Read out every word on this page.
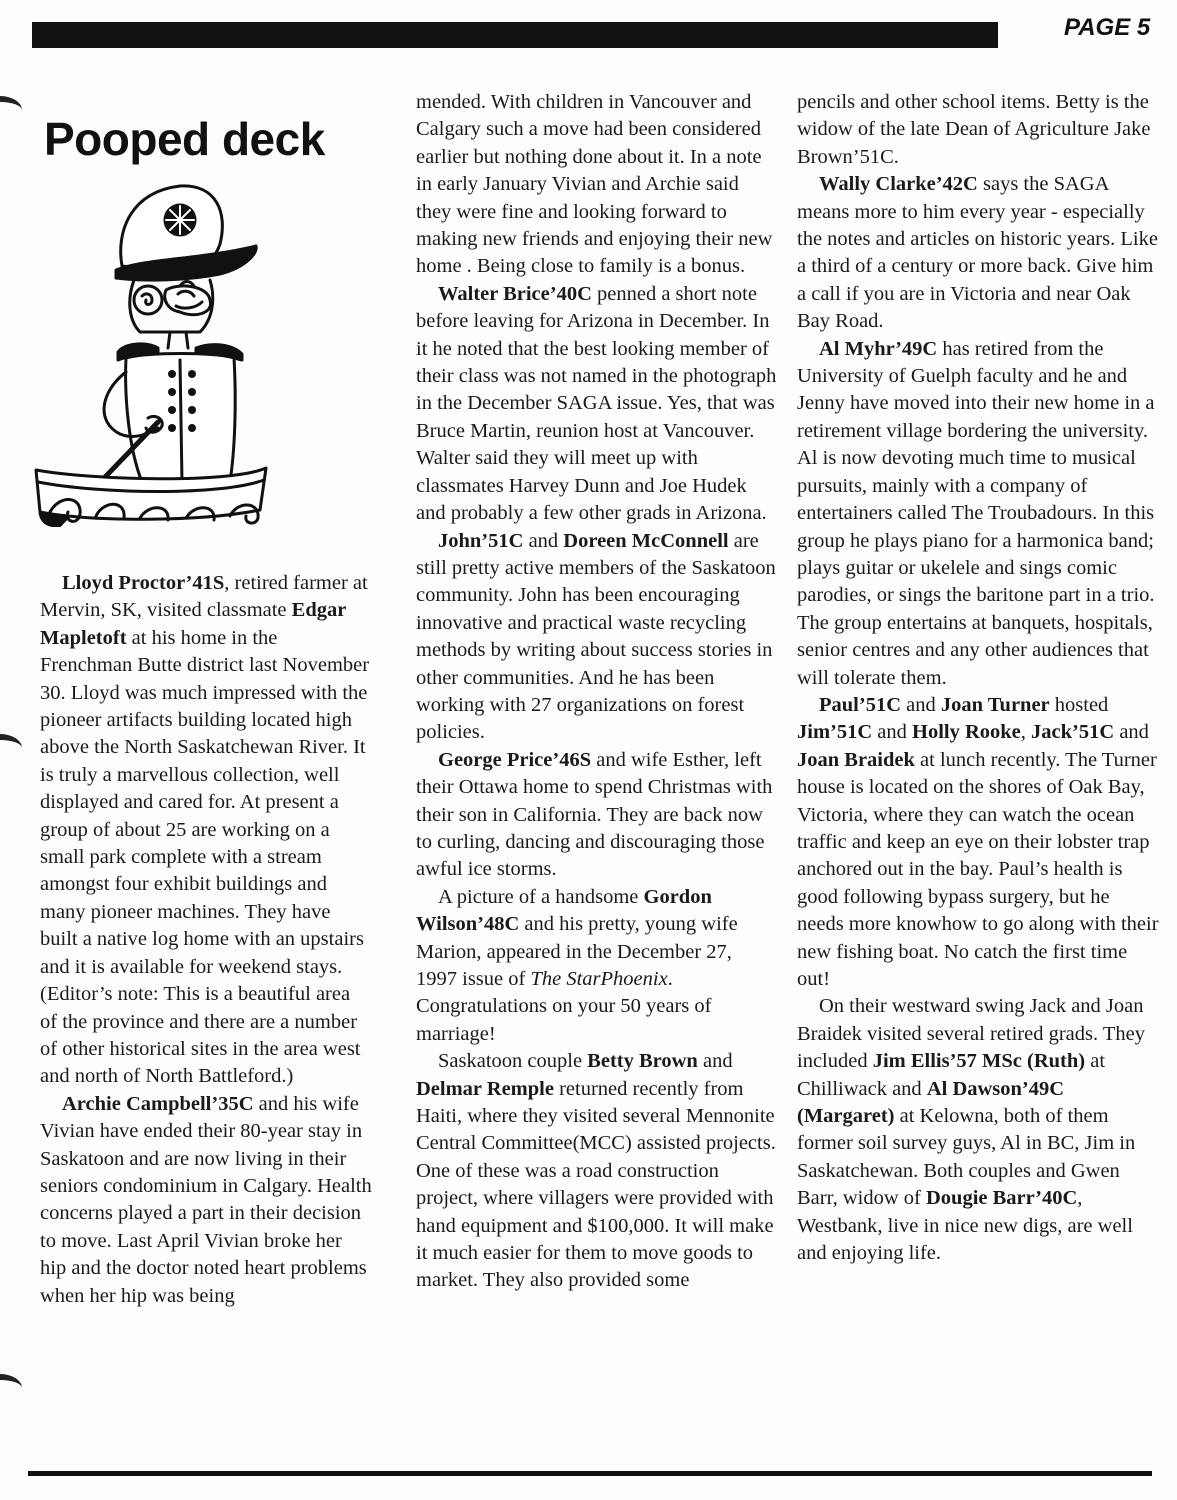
PAGE 5
Pooped deck

Lloyd Proctor’41S, retired farmer at Mervin, SK, visited classmate Edgar Mapletoft at his home in the Frenchman Butte district last November 30. Lloyd was much impressed with the pioneer artifacts building located high above the North Saskatchewan River. It is truly a marvellous collection, well displayed and cared for. At present a group of about 25 are working on a small park complete with a stream amongst four exhibit buildings and many pioneer machines. They have built a native log home with an upstairs and it is available for weekend stays. (Editor’s note: This is a beautiful area of the province and there are a number of other historical sites in the area west and north of North Battleford.)

Archie Campbell’35C and his wife Vivian have ended their 80-year stay in Saskatoon and are now living in their seniors condominium in Calgary. Health concerns played a part in their decision to move. Last April Vivian broke her hip and the doctor noted heart problems when her hip was being

mended. With children in Vancouver and Calgary such a move had been considered earlier but nothing done about it. In a note in early January Vivian and Archie said they were fine and looking forward to making new friends and enjoying their new home . Being close to family is a bonus.

Walter Brice’40C penned a short note before leaving for Arizona in December. In it he noted that the best looking member of their class was not named in the photograph in the December SAGA issue. Yes, that was Bruce Martin, reunion host at Vancouver. Walter said they will meet up with classmates Harvey Dunn and Joe Hudek and probably a few other grads in Arizona.

John’51C and Doreen McConnell are still pretty active members of the Saskatoon community. John has been encouraging innovative and practical waste recycling methods by writing about success stories in other communities. And he has been working with 27 organizations on forest policies.

George Price’46S and wife Esther, left their Ottawa home to spend Christmas with their son in California. They are back now to curling, dancing and discouraging those awful ice storms.

A picture of a handsome Gordon Wilson’48C and his pretty, young wife Marion, appeared in the December 27, 1997 issue of The StarPhoenix. Congratulations on your 50 years of marriage!

Saskatoon couple Betty Brown and Delmar Remple returned recently from Haiti, where they visited several Mennonite Central Committee(MCC) assisted projects. One of these was a road construction project, where villagers were provided with hand equipment and $100,000. It will make it much easier for them to move goods to market. They also provided some

pencils and other school items. Betty is the widow of the late Dean of Agriculture Jake Brown’51C.

Wally Clarke’42C says the SAGA means more to him every year - especially the notes and articles on historic years. Like a third of a century or more back. Give him a call if you are in Victoria and near Oak Bay Road.

Al Myhr’49C has retired from the University of Guelph faculty and he and Jenny have moved into their new home in a retirement village bordering the university. Al is now devoting much time to musical pursuits, mainly with a company of entertainers called The Troubadours. In this group he plays piano for a harmonica band; plays guitar or ukelele and sings comic parodies, or sings the baritone part in a trio. The group entertains at banquets, hospitals, senior centres and any other audiences that will tolerate them.

Paul’51C and Joan Turner hosted Jim’51C and Holly Rooke, Jack’51C and Joan Braidek at lunch recently. The Turner house is located on the shores of Oak Bay, Victoria, where they can watch the ocean traffic and keep an eye on their lobster trap anchored out in the bay. Paul’s health is good following bypass surgery, but he needs more knowhow to go along with their new fishing boat. No catch the first time out!

On their westward swing Jack and Joan Braidek visited several retired grads. They included Jim Ellis’57 MSc (Ruth) at Chilliwack and Al Dawson’49C (Margaret) at Kelowna, both of them former soil survey guys, Al in BC, Jim in Saskatchewan. Both couples and Gwen Barr, widow of Dougie Barr’40C, Westbank, live in nice new digs, are well and enjoying life.
